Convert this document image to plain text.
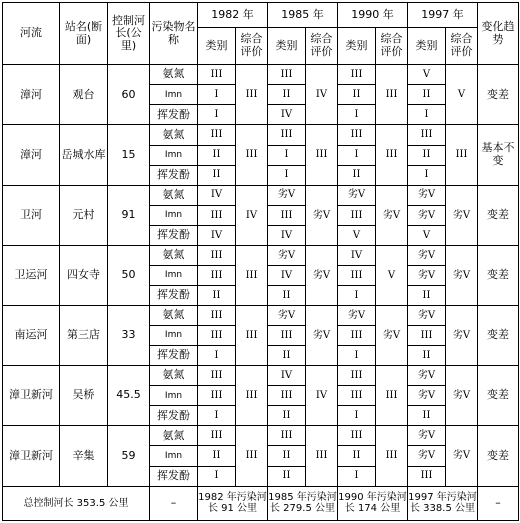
河流	站名(断面)	控制河长(公里)	污染物名称	1982 年		1985 年		1990 年		1997 年		变化趋势
				类别	综合评价	类别	综合评价	类别	综合评价	类别	综合评价	
漳河	观台	60	氨氮	III	III	III	IV	III	III	V	V	变差
			Imn	I		II		II		II		
			挥发酚	I		IV		I		I		
漳河	岳城水库	15	氨氮	III	III	III	III	III	III	III	III	基本不变
			Imn	II		I		I		II		
			挥发酚	II		I		II		I		
卫河	元村	91	氨氮	IV	IV	劣V	劣V	劣V	劣V	劣V	劣V	变差
			Imn	III		III		III		劣V		
			挥发酚	IV		IV		V		V		
卫运河	四女寺	50	氨氮	III	III	劣V	劣V	IV	V	劣V	劣V	变差
			Imn	III		IV		III		劣V		
			挥发酚	II		II		I		II		
南运河	第三店	33	氨氮	III	III	劣V	劣V	劣V	劣V	劣V	劣V	变差
			Imn	III		III		III		III		
			挥发酚	I		II		I		II		
漳卫新河	吴桥	45.5	氨氮	III	III	IV	IV	III	III	劣V	劣V	变差
			Imn	III		III		III		劣V		
			挥发酚	I		II		I		II		
漳卫新河	辛集	59	氨氮	III	III	III	III	III	III	劣V	劣V	变差
			Imn	II		II		II		劣V		
			挥发酚	I		II		I		III		
总控制河长 353.5 公里			–	1982 年污染河长 91 公里		1985 年污染河长 279.5 公里		1990 年污染河长 174 公里		1997 年污染河长 338.5 公里		–
